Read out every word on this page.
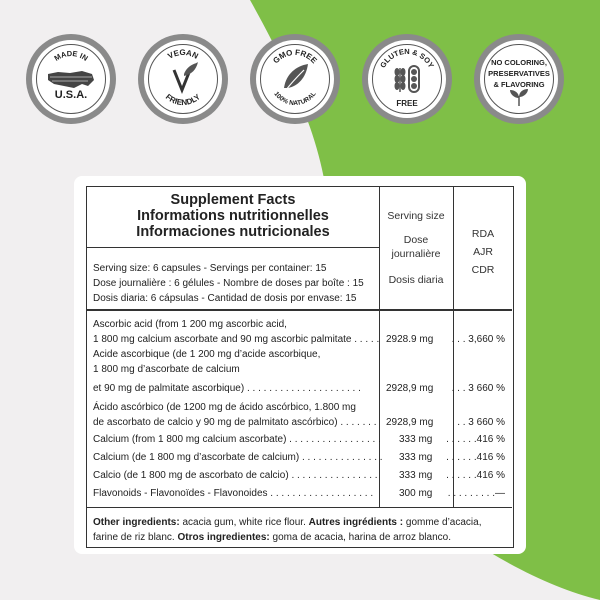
MADE IN
U.S.A.
VEGAN
FRIENDLY
GMO FREE
100% NATURAL
GLUTEN & SOY
FREE
NO COLORING,
PRESERVATIVES
& FLAVORING
Supplement Facts
Informations nutritionnelles
Informaciones nutricionales
Serving size
Dose
journalière
Dosis diaria
RDA
AJR
CDR
Serving size: 6 capsules - Servings per container: 15
Dose journalière : 6 gélules - Nombre de doses par boîte : 15
Dosis diaria: 6 cápsulas - Cantidad de dosis por envase: 15
Ascorbic acid (from 1 200 mg ascorbic acid,
1 800 mg calcium ascorbate and 90 mg ascorbic palmitate . . . . .
Acide ascorbique (de 1 200 mg d’acide ascorbique,
1 800 mg d’ascorbate de calcium
et 90 mg de palmitate ascorbique) . . . . . . . . . . . . . . . . . . . . .
Ácido ascórbico (de 1200 mg de ácido ascórbico, 1.800 mg
de ascorbato de calcio y 90 mg de palmitato ascórbico) . . . . . . .
Calcium (from 1 800 mg calcium ascorbate) . . . . . . . . . . . . . . . . .
Calcium (de 1 800 mg d’ascorbate de calcium) . . . . . . . . . . . . . . .
Calcio (de 1 800 mg de ascorbato de calcio) . . . . . . . . . . . . . . . .
Flavonoids - Flavonoïdes - Flavonoides . . . . . . . . . . . . . . . . . . .
2928.9 mg
2928,9 mg
2928,9 mg
333 mg
333 mg
333 mg
300 mg
. . . 3,660 %
. . . 3 660 %
. . 3 660 %
. . . . . .416 %
. . . . . .416 %
. . . . . .416 %
. . . . . . . . .—
Other ingredients: acacia gum, white rice flour. Autres ingrédients : gomme d’acacia, farine de riz blanc. Otros ingredientes: goma de acacia, harina de arroz blanco.
